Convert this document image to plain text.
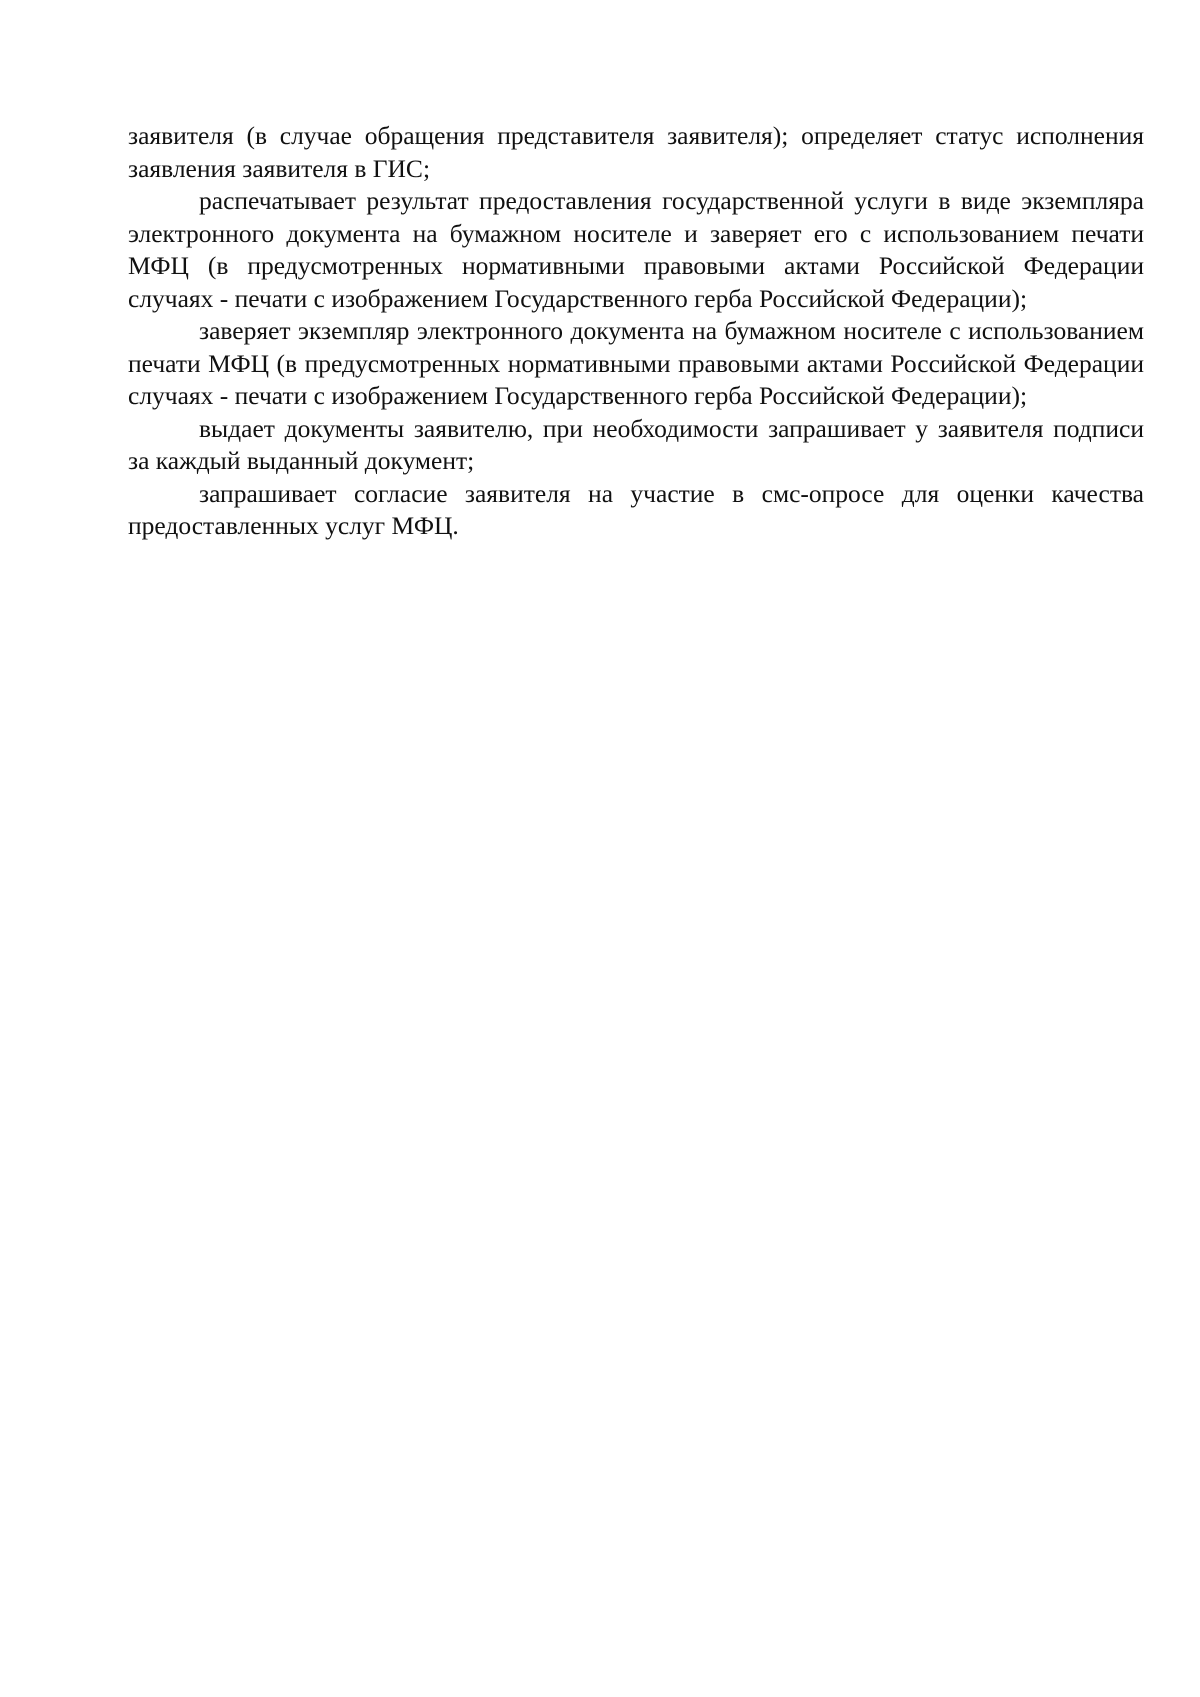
заявителя (в случае обращения представителя заявителя); определяет статус исполнения заявления заявителя в ГИС;

распечатывает результат предоставления государственной услуги в виде экземпляра электронного документа на бумажном носителе и заверяет его с использованием печати МФЦ (в предусмотренных нормативными правовыми актами Российской Федерации случаях - печати с изображением Государственного герба Российской Федерации);

заверяет экземпляр электронного документа на бумажном носителе с использованием печати МФЦ (в предусмотренных нормативными правовыми актами Российской Федерации случаях - печати с изображением Государственного герба Российской Федерации);

выдает документы заявителю, при необходимости запрашивает у заявителя подписи за каждый выданный документ;

запрашивает согласие заявителя на участие в смс-опросе для оценки качества предоставленных услуг МФЦ.
